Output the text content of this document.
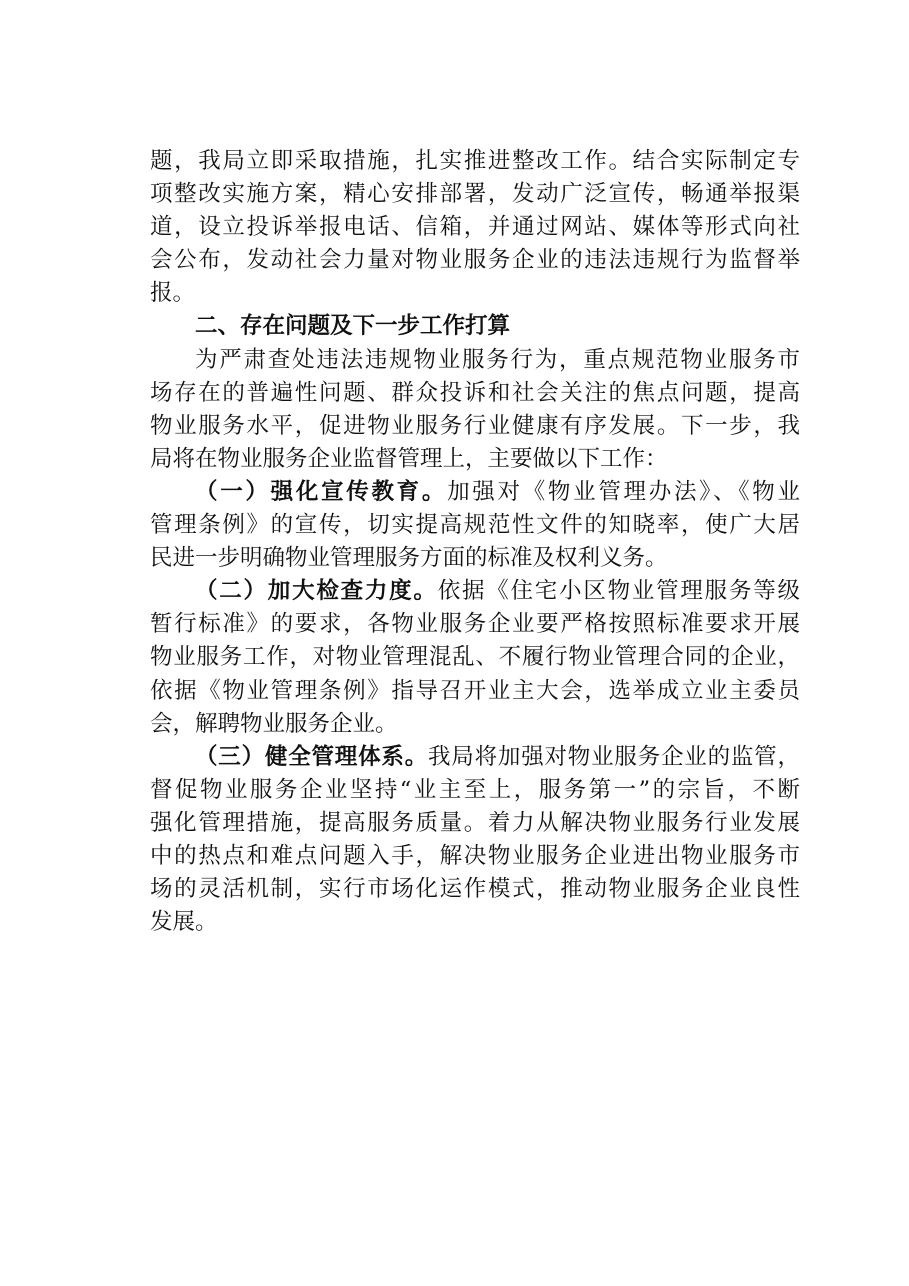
题，我局立即采取措施，扎实推进整改工作。结合实际制定专
项整改实施方案，精心安排部署，发动广泛宣传，畅通举报渠
道，设立投诉举报电话、信箱，并通过网站、媒体等形式向社
会公布，发动社会力量对物业服务企业的违法违规行为监督举
报。
二、存在问题及下一步工作打算
为严肃查处违法违规物业服务行为，重点规范物业服务市
场存在的普遍性问题、群众投诉和社会关注的焦点问题，提高
物业服务水平，促进物业服务行业健康有序发展。下一步，我
局将在物业服务企业监督管理上，主要做以下工作：
（一）强化宣传教育。加强对《物业管理办法》、《物业
管理条例》的宣传，切实提高规范性文件的知晓率，使广大居
民进一步明确物业管理服务方面的标准及权利义务。
（二）加大检查力度。依据《住宅小区物业管理服务等级
暂行标准》的要求，各物业服务企业要严格按照标准要求开展
物业服务工作，对物业管理混乱、不履行物业管理合同的企业，
依据《物业管理条例》指导召开业主大会，选举成立业主委员
会，解聘物业服务企业。
（三）健全管理体系。我局将加强对物业服务企业的监管，
督促物业服务企业坚持“业主至上，服务第一”的宗旨，不断
强化管理措施，提高服务质量。着力从解决物业服务行业发展
中的热点和难点问题入手，解决物业服务企业进出物业服务市
场的灵活机制，实行市场化运作模式，推动物业服务企业良性
发展。
